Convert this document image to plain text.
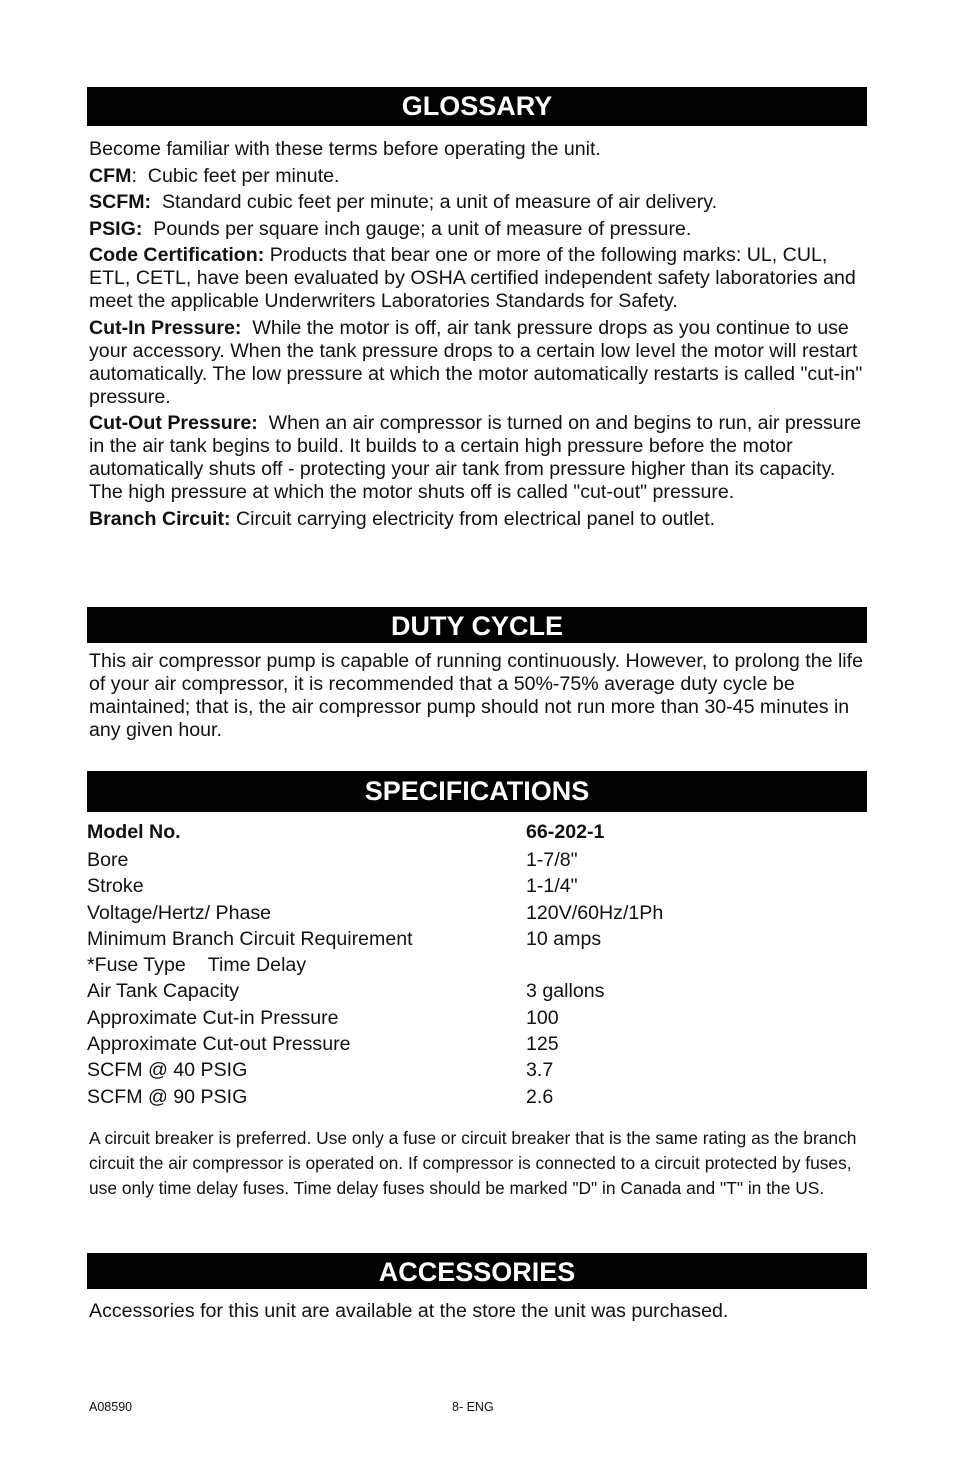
GLOSSARY

Become familiar with these terms before operating the unit.

CFM:  Cubic feet per minute.

SCFM: Standard cubic feet per minute; a unit of measure of air delivery.

PSIG: Pounds per square inch gauge; a unit of measure of pressure.

Code Certification: Products that bear one or more of the following marks: UL, CUL, ETL, CETL, have been evaluated by OSHA certified independent safety laboratories and meet the applicable Underwriters Laboratories Standards for Safety.

Cut-In Pressure: While the motor is off, air tank pressure drops as you continue to use your accessory. When the tank pressure drops to a certain low level the motor will restart automatically. The low pressure at which the motor automatically restarts is called "cut-in" pressure.

Cut-Out Pressure: When an air compressor is turned on and begins to run, air pressure in the air tank begins to build. It builds to a certain high pressure before the motor automatically shuts off - protecting your air tank from pressure higher than its capacity. The high pressure at which the motor shuts off is called "cut-out" pressure.

Branch Circuit: Circuit carrying electricity from electrical panel to outlet.

DUTY CYCLE

This air compressor pump is capable of running continuously. However, to prolong the life of your air compressor, it is recommended that a 50%-75% average duty cycle be maintained; that is, the air compressor pump should not run more than 30-45 minutes in any given hour.

SPECIFICATIONS
Model No.	66-202-1
Bore	1-7/8"
Stroke	1-1/4"
Voltage/Hertz/ Phase	120V/60Hz/1Ph
Minimum Branch Circuit Requirement	10 amps
*Fuse Type Time Delay
Air Tank Capacity	3 gallons
Approximate Cut-in Pressure	100
Approximate Cut-out Pressure	125
SCFM @ 40 PSIG	3.7
SCFM @ 90 PSIG	2.6
A circuit breaker is preferred. Use only a fuse or circuit breaker that is the same rating as the branch circuit the air compressor is operated on. If compressor is connected to a circuit protected by fuses, use only time delay fuses. Time delay fuses should be marked "D" in Canada and "T" in the US.
ACCESSORIES

Accessories for this unit are available at the store the unit was purchased.

A08590	8- ENG
